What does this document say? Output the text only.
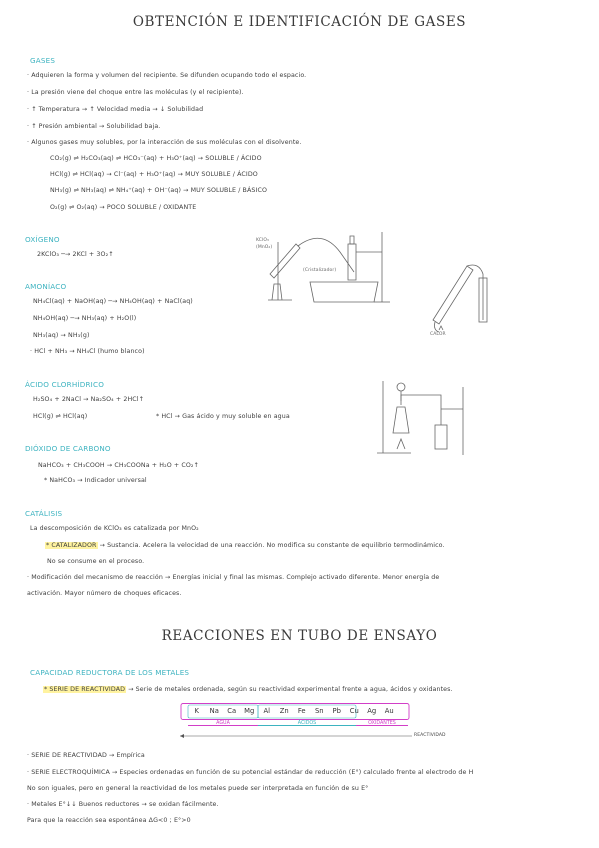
OBTENCIÓN E IDENTIFICACIÓN DE GASES
GASES
· Adquieren la forma y volumen del recipiente. Se difunden ocupando todo el espacio.
· La presión viene del choque entre las moléculas (y el recipiente).
· ↑ Temperatura → ↑ Velocidad media → ↓ Solubilidad
· ↑ Presión ambiental → Solubilidad baja.
· Algunos gases muy solubles, por la interacción de sus moléculas con el disolvente.
CO₂(g) ⇌ H₂CO₃(aq) ⇌ HCO₃⁻(aq) + H₃O⁺(aq) → SOLUBLE / ÁCIDO
HCl(g) ⇌ HCl(aq) → Cl⁻(aq) + H₃O⁺(aq) → MUY SOLUBLE / ÁCIDO
NH₃(g) ⇌ NH₃(aq) ⇌ NH₄⁺(aq) + OH⁻(aq) → MUY SOLUBLE / BÁSICO
O₂(g) ⇌ O₂(aq) → POCO SOLUBLE / OXIDANTE
OXÍGENO
2KClO₃ ─→ 2KCl + 3O₂↑
KClO₃
(MnO₂)
(Cristalizador)
CALOR
AMONÍACO
NH₄Cl(aq) + NaOH(aq) ─→ NH₄OH(aq) + NaCl(aq)
NH₄OH(aq) ─→ NH₃(aq) + H₂O(l)
NH₃(aq) → NH₃(g)
· HCl + NH₃ → NH₄Cl (humo blanco)
ÁCIDO CLORHÍDRICO
H₂SO₄ + 2NaCl → Na₂SO₄ + 2HCl↑
HCl(g) ⇌ HCl(aq)	* HCl → Gas ácido y muy soluble en agua
DIÓXIDO DE CARBONO
NaHCO₃ + CH₃COOH → CH₃COONa + H₂O + CO₂↑
* NaHCO₃ → Indicador universal
CATÁLISIS
La descomposición de KClO₃ es catalizada por MnO₂
* CATALIZADOR → Sustancia. Acelera la velocidad de una reacción. No modifica su constante de equilibrio termodinámico.
No se consume en el proceso.
· Modificación del mecanismo de reacción → Energías inicial y final las mismas. Complejo activado diferente. Menor energía de
activación. Mayor número de choques eficaces.
REACCIONES EN TUBO DE ENSAYO
CAPACIDAD REDUCTORA DE LOS METALES
* SERIE DE REACTIVIDAD → Serie de metales ordenada, según su reactividad experimental frente a agua, ácidos y oxidantes.
K	Na	Ca	Mg	Al	Zn	Fe	Sn	Pb	Cu	Ag	Au
AGUA	ÁCIDOS	OXIDANTES
REACTIVIDAD
· SERIE DE REACTIVIDAD → Empírica
· SERIE ELECTROQUÍMICA → Especies ordenadas en función de su potencial estándar de reducción (E°) calculado frente al electrodo de H
No son iguales, pero en general la reactividad de los metales puede ser interpretada en función de su E°
· Metales E°↓↓ Buenos reductores → se oxidan fácilmente.
Para que la reacción sea espontánea ΔG<0 ; E°>0
